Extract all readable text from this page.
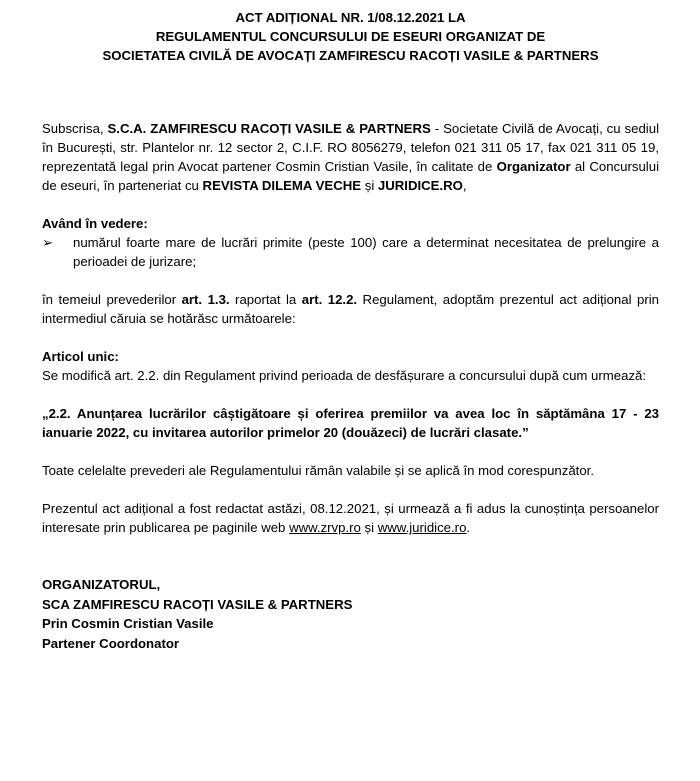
ACT ADIȚIONAL NR. 1/08.12.2021 LA
REGULAMENTUL CONCURSULUI DE ESEURI ORGANIZAT DE
SOCIETATEA CIVILĂ DE AVOCAȚI ZAMFIRESCU RACOȚI VASILE & PARTNERS

Subscrisa, S.C.A. ZAMFIRESCU RACOȚI VASILE & PARTNERS - Societate Civilă de Avocați, cu sediul în București, str. Plantelor nr. 12 sector 2, C.I.F. RO 8056279, telefon 021 311 05 17, fax 021 311 05 19, reprezentată legal prin Avocat partener Cosmin Cristian Vasile, în calitate de Organizator al Concursului de eseuri, în parteneriat cu REVISTA DILEMA VECHE și JURIDICE.RO,

Având în vedere:

➢ numărul foarte mare de lucrări primite (peste 100) care a determinat necesitatea de prelungire a perioadei de jurizare;

în temeiul prevederilor art. 1.3. raportat la art. 12.2. Regulament, adoptăm prezentul act adițional prin intermediul căruia se hotărăsc următoarele:

Articol unic:

Se modifică art. 2.2. din Regulament privind perioada de desfășurare a concursului după cum urmează:

„2.2. Anunțarea lucrărilor câștigătoare și oferirea premiilor va avea loc în săptămâna 17 - 23 ianuarie 2022, cu invitarea autorilor primelor 20 (douăzeci) de lucrări clasate.”

Toate celelalte prevederi ale Regulamentului rămân valabile și se aplică în mod corespunzător.

Prezentul act adițional a fost redactat astăzi, 08.12.2021, și urmează a fi adus la cunoștința persoanelor interesate prin publicarea pe paginile web www.zrvp.ro și www.juridice.ro.

ORGANIZATORUL,
SCA ZAMFIRESCU RACOȚI VASILE & PARTNERS
Prin Cosmin Cristian Vasile
Partener Coordonator
